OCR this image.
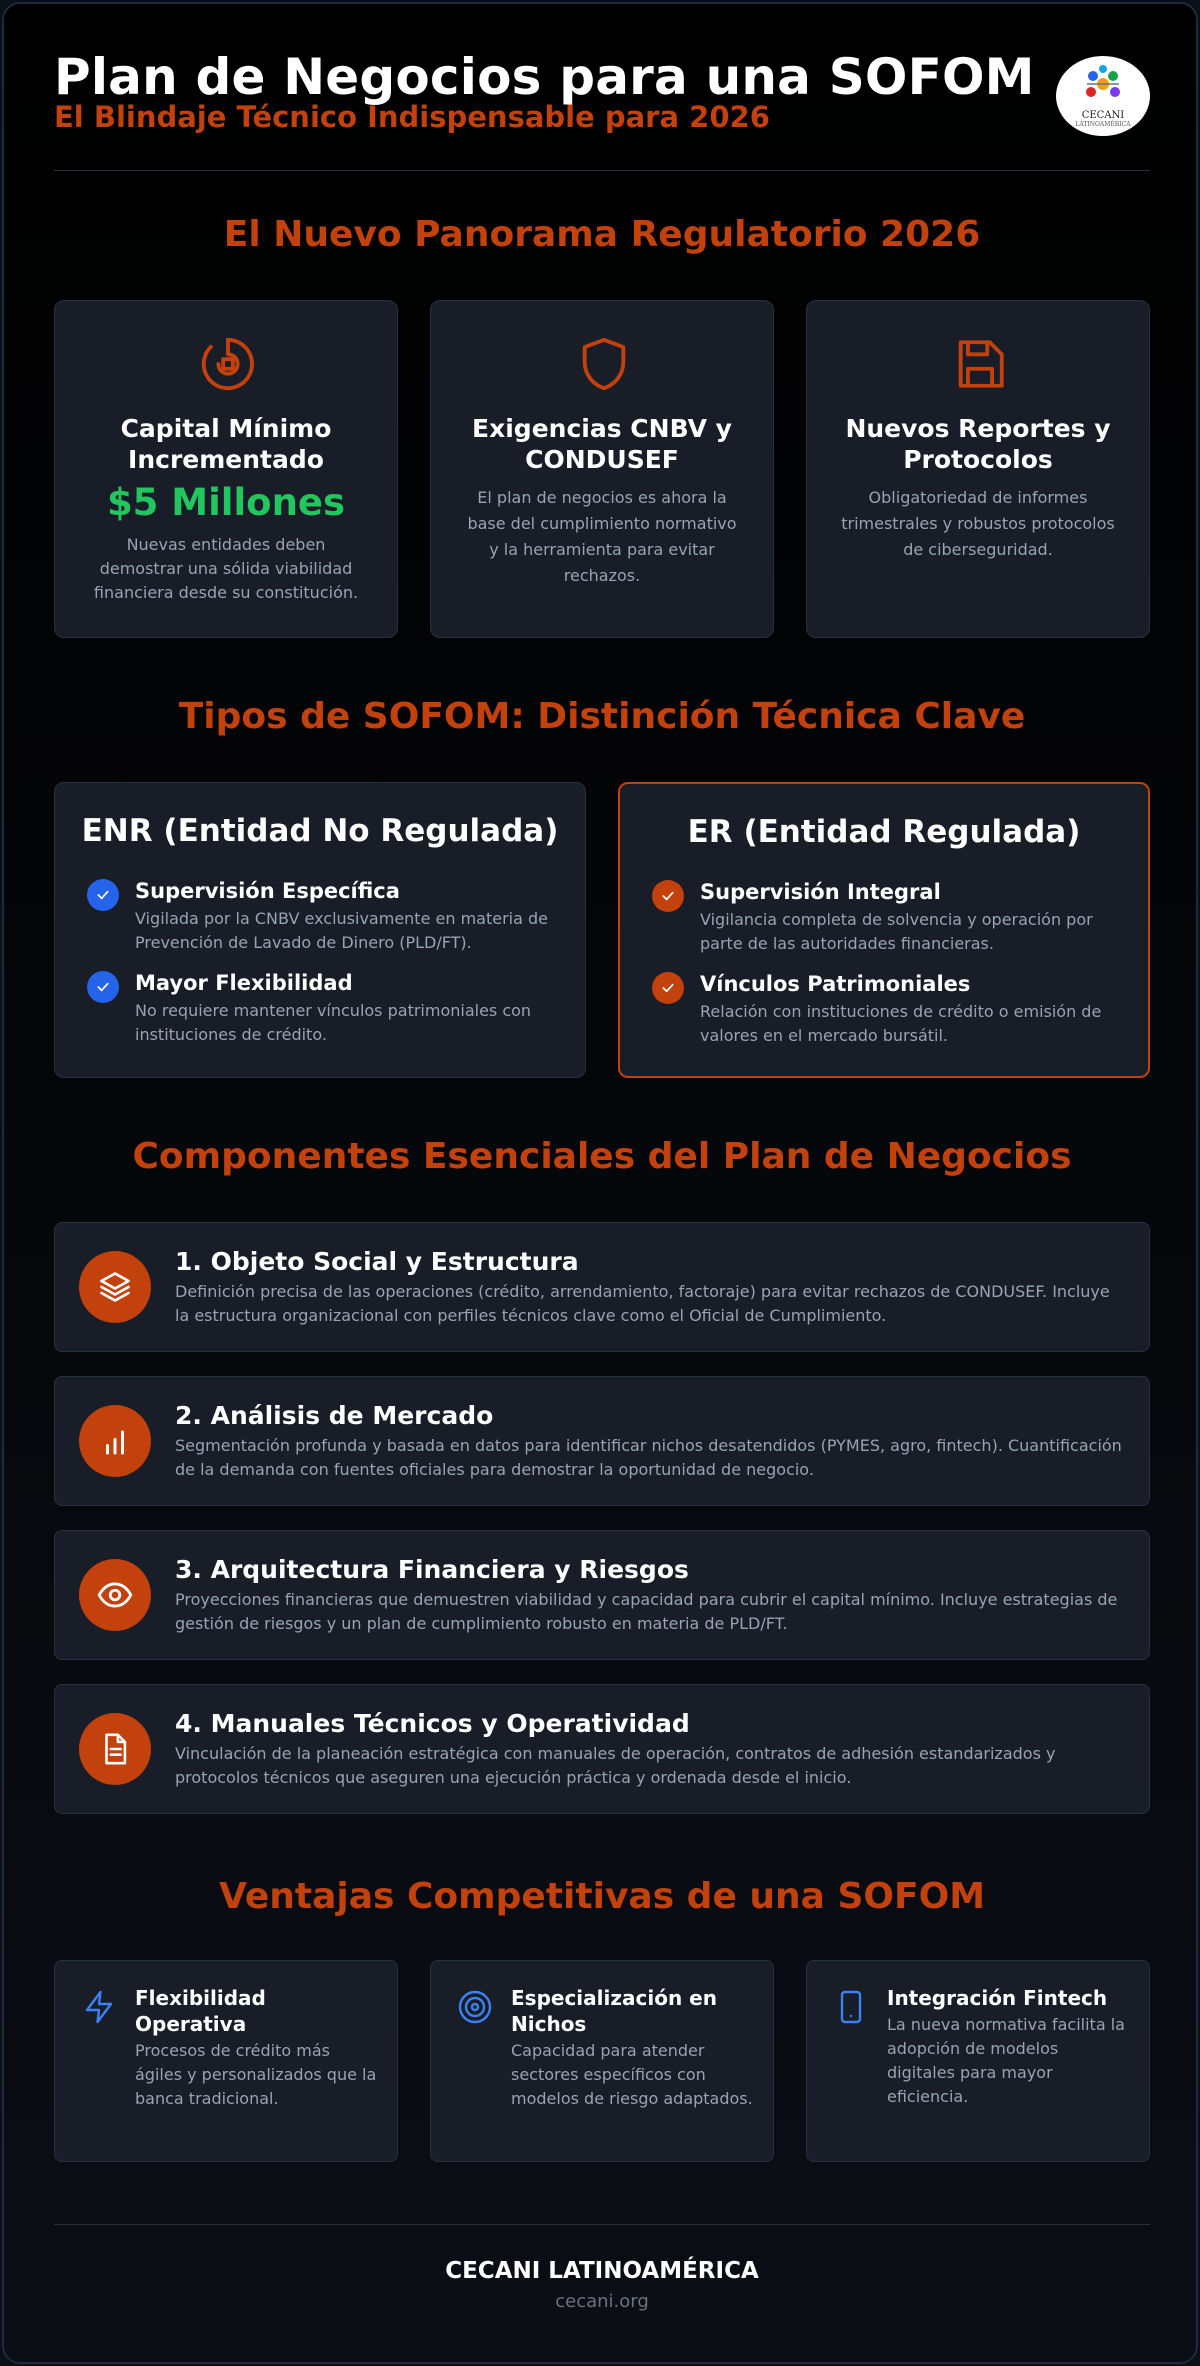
Plan de Negocios para una SOFOM
El Blindaje Técnico Indispensable para 2026	CECANI
LATINOAMÉRICA
El Nuevo Panorama Regulatorio 2026
Capital Mínimo Incrementado
$5 Millones
Nuevas entidades deben demostrar una sólida viabilidad financiera desde su constitución.
Exigencias CNBV y CONDUSEF
El plan de negocios es ahora la base del cumplimiento normativo y la herramienta para evitar rechazos.
Nuevos Reportes y Protocolos
Obligatoriedad de informes trimestrales y robustos protocolos de ciberseguridad.
Tipos de SOFOM: Distinción Técnica Clave
ENR (Entidad No Regulada)
Supervisión Específica
Vigilada por la CNBV exclusivamente en materia de Prevención de Lavado de Dinero (PLD/FT).
Mayor Flexibilidad
No requiere mantener vínculos patrimoniales con instituciones de crédito.
ER (Entidad Regulada)
Supervisión Integral
Vigilancia completa de solvencia y operación por parte de las autoridades financieras.
Vínculos Patrimoniales
Relación con instituciones de crédito o emisión de valores en el mercado bursátil.
Componentes Esenciales del Plan de Negocios
1. Objeto Social y Estructura
Definición precisa de las operaciones (crédito, arrendamiento, factoraje) para evitar rechazos de CONDUSEF. Incluye la estructura organizacional con perfiles técnicos clave como el Oficial de Cumplimiento.
2. Análisis de Mercado
Segmentación profunda y basada en datos para identificar nichos desatendidos (PYMES, agro, fintech). Cuantificación de la demanda con fuentes oficiales para demostrar la oportunidad de negocio.
3. Arquitectura Financiera y Riesgos
Proyecciones financieras que demuestren viabilidad y capacidad para cubrir el capital mínimo. Incluye estrategias de gestión de riesgos y un plan de cumplimiento robusto en materia de PLD/FT.
4. Manuales Técnicos y Operatividad
Vinculación de la planeación estratégica con manuales de operación, contratos de adhesión estandarizados y protocolos técnicos que aseguren una ejecución práctica y ordenada desde el inicio.
Ventajas Competitivas de una SOFOM
Flexibilidad Operativa
Procesos de crédito más ágiles y personalizados que la banca tradicional.
Especialización en Nichos
Capacidad para atender sectores específicos con modelos de riesgo adaptados.
Integración Fintech
La nueva normativa facilita la adopción de modelos digitales para mayor eficiencia.
CECANI LATINOAMÉRICA
cecani.org
